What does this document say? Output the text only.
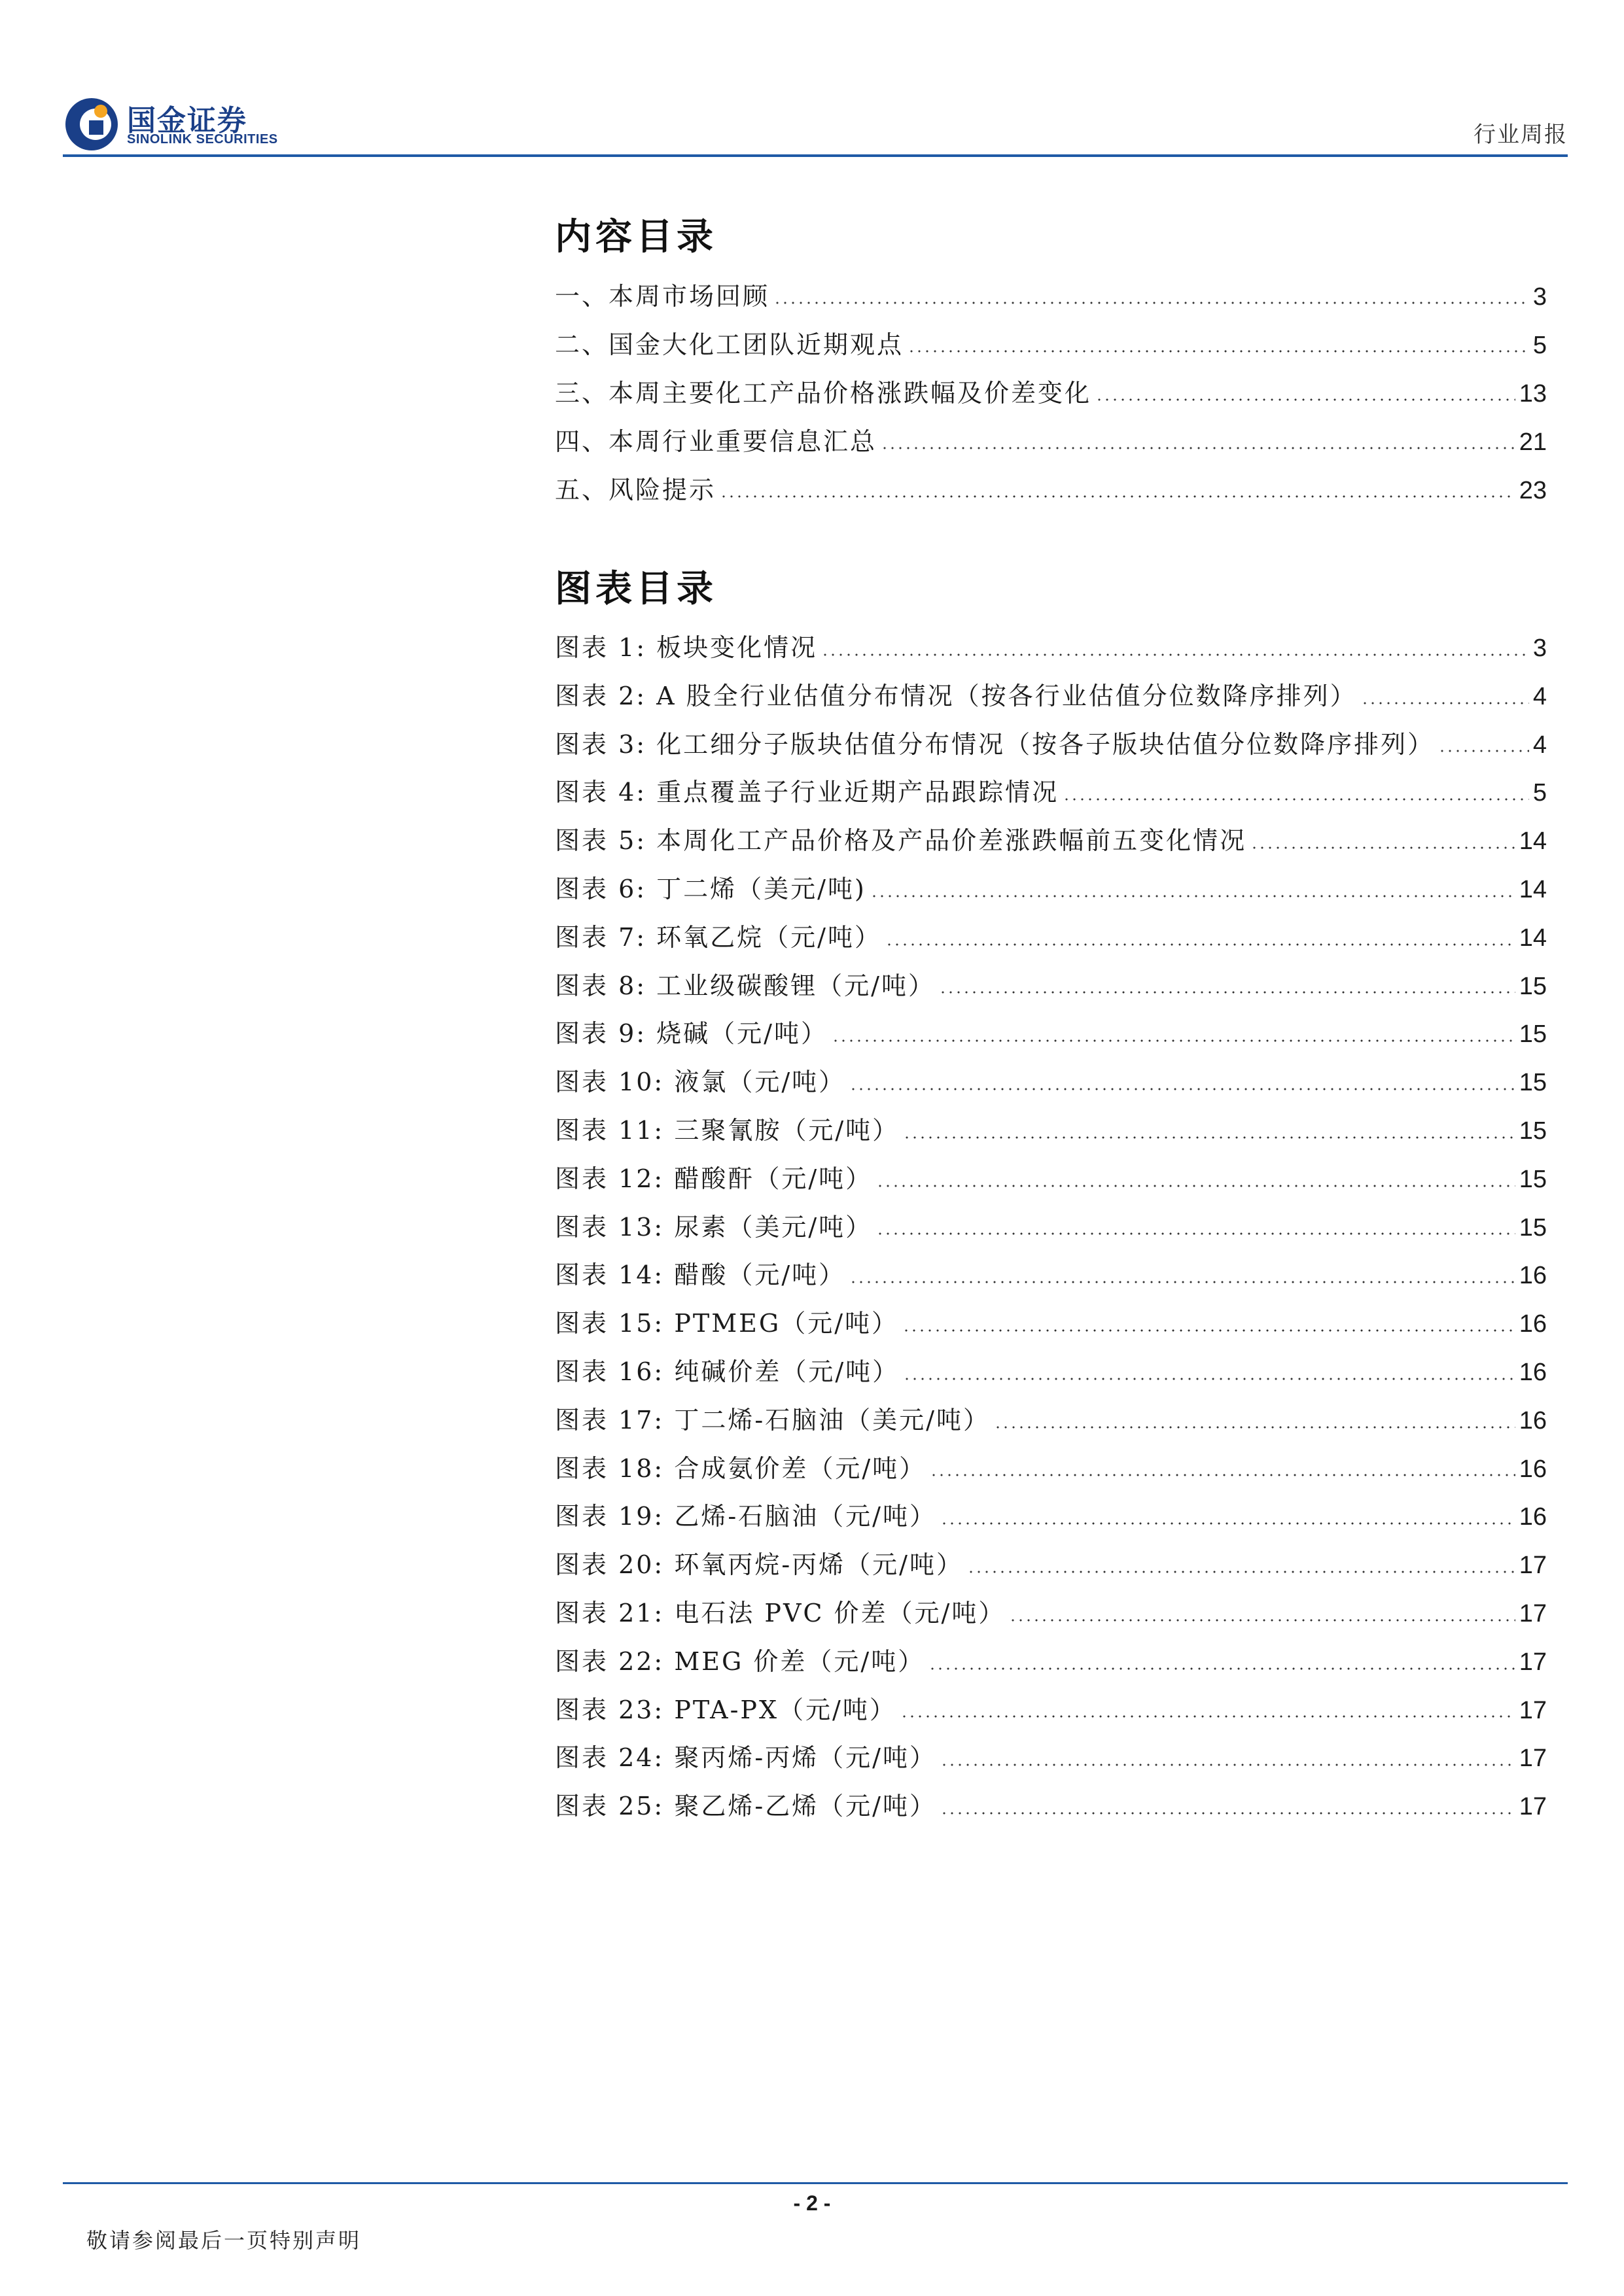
国金证券
SINOLINK SECURITIES	行业周报
内容目录
一、本周市场回顾	3
二、国金大化工团队近期观点	5
三、本周主要化工产品价格涨跌幅及价差变化	13
四、本周行业重要信息汇总	21
五、风险提示	23
图表目录
图表 1: 板块变化情况	3
图表 2: A 股全行业估值分布情况（按各行业估值分位数降序排列）	4
图表 3: 化工细分子版块估值分布情况（按各子版块估值分位数降序排列）	4
图表 4: 重点覆盖子行业近期产品跟踪情况	5
图表 5: 本周化工产品价格及产品价差涨跌幅前五变化情况	14
图表 6: 丁二烯（美元/吨)	14
图表 7: 环氧乙烷（元/吨）	14
图表 8: 工业级碳酸锂（元/吨）	15
图表 9: 烧碱（元/吨）	15
图表 10: 液氯（元/吨）	15
图表 11: 三聚氰胺（元/吨）	15
图表 12: 醋酸酐（元/吨）	15
图表 13: 尿素（美元/吨）	15
图表 14: 醋酸（元/吨）	16
图表 15: PTMEG（元/吨）	16
图表 16: 纯碱价差（元/吨）	16
图表 17: 丁二烯-石脑油（美元/吨）	16
图表 18: 合成氨价差（元/吨）	16
图表 19: 乙烯-石脑油（元/吨）	16
图表 20: 环氧丙烷-丙烯（元/吨）	17
图表 21: 电石法 PVC 价差（元/吨）	17
图表 22: MEG 价差（元/吨）	17
图表 23: PTA-PX（元/吨）	17
图表 24: 聚丙烯-丙烯（元/吨）	17
图表 25: 聚乙烯-乙烯（元/吨）	17
- 2 -
敬请参阅最后一页特别声明
